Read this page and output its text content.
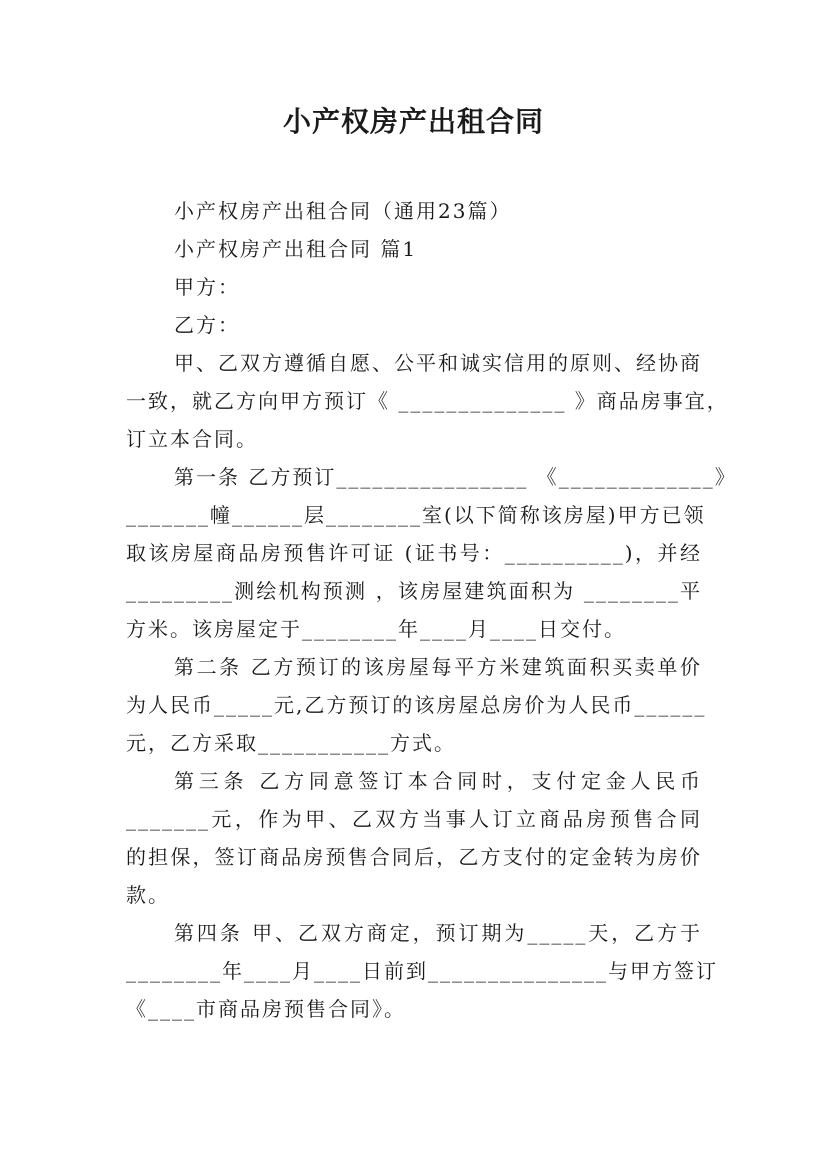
小产权房产出租合同

小产权房产出租合同（通用23篇）

小产权房产出租合同 篇1

甲方：

乙方：

甲、乙双方遵循自愿、公平和诚实信用的原则、经协商

一致，就乙方向甲方预订《 ______________ 》商品房事宜，

订立本合同。

第一条 乙方预订________________ 《_____________》

_______幢______层________室(以下简称该房屋)甲方已领

取该房屋商品房预售许可证 (证书号：__________)，并经

_________测绘机构预测 ，该房屋建筑面积为 ________平

方米。该房屋定于________年____月____日交付。

第二条 乙方预订的该房屋每平方米建筑面积买卖单价

为人民币_____元,乙方预订的该房屋总房价为人民币______

元，乙方采取___________方式。

第三条 乙方同意签订本合同时，支付定金人民币

_______元，作为甲、乙双方当事人订立商品房预售合同

的担保，签订商品房预售合同后，乙方支付的定金转为房价

款。

第四条 甲、乙双方商定，预订期为_____天，乙方于

________年____月____日前到_______________与甲方签订

《____市商品房预售合同》。
